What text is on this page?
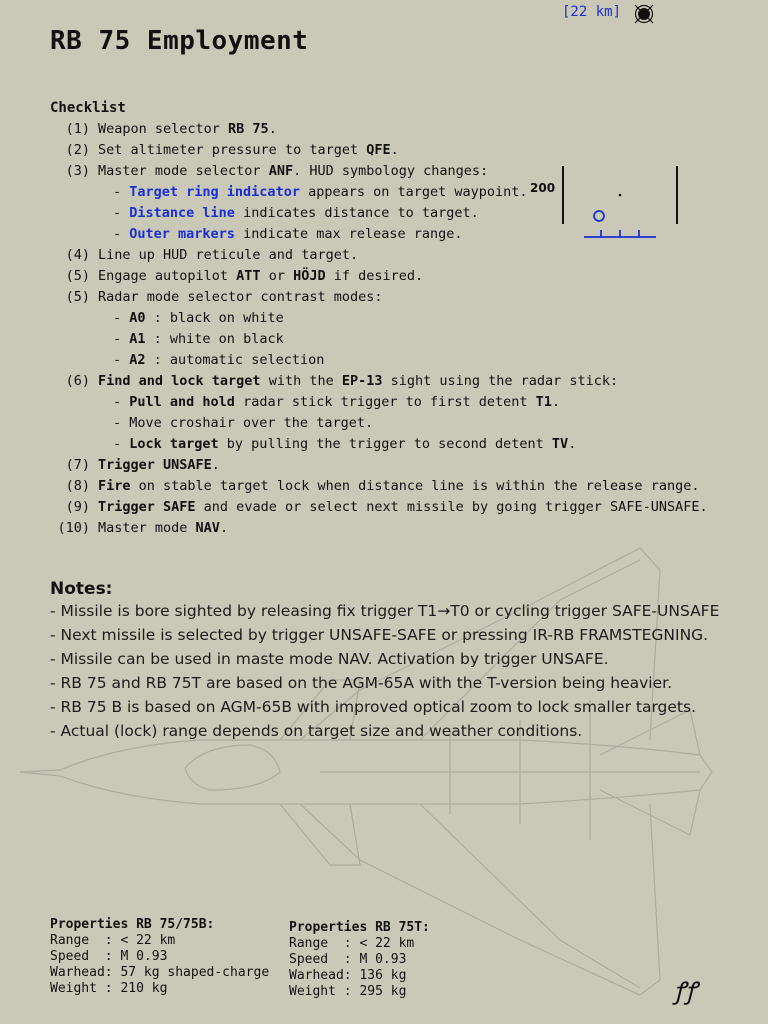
[22 km]
RB 75 Employment
Checklist
(1) Weapon selector RB 75.
(2) Set altimeter pressure to target QFE.
(3) Master mode selector ANF. HUD symbology changes:
- Target ring indicator appears on target waypoint.
- Distance line indicates distance to target.
- Outer markers indicate max release range.
(4) Line up HUD reticule and target.
(5) Engage autopilot ATT or HÖJD if desired.
(5) Radar mode selector contrast modes:
- A0 : black on white
- A1 : white on black
- A2 : automatic selection
(6) Find and lock target with the EP-13 sight using the radar stick:
- Pull and hold radar stick trigger to first detent T1.
- Move croshair over the target.
- Lock target by pulling the trigger to second detent TV.
(7) Trigger UNSAFE.
(8) Fire on stable target lock when distance line is within the release range.
(9) Trigger SAFE and evade or select next missile by going trigger SAFE-UNSAFE.
(10) Master mode NAV.
200
Notes:
- Missile is bore sighted by releasing fix trigger T1→T0 or cycling trigger SAFE-UNSAFE
- Next missile is selected by trigger UNSAFE-SAFE or pressing IR-RB FRAMSTEGNING.
- Missile can be used in maste mode NAV. Activation by trigger UNSAFE.
- RB 75 and RB 75T are based on the AGM-65A with the T-version being heavier.
- RB 75 B is based on AGM-65B with improved optical zoom to lock smaller targets.
- Actual (lock) range depends on target size and weather conditions.
Properties RB 75/75B:
Range  : < 22 km
Speed  : M 0.93
Warhead: 57 kg shaped-charge
Weight : 210 kg
Properties RB 75T:
Range  : < 22 km
Speed  : M 0.93
Warhead: 136 kg
Weight : 295 kg	ꝭꝭ
